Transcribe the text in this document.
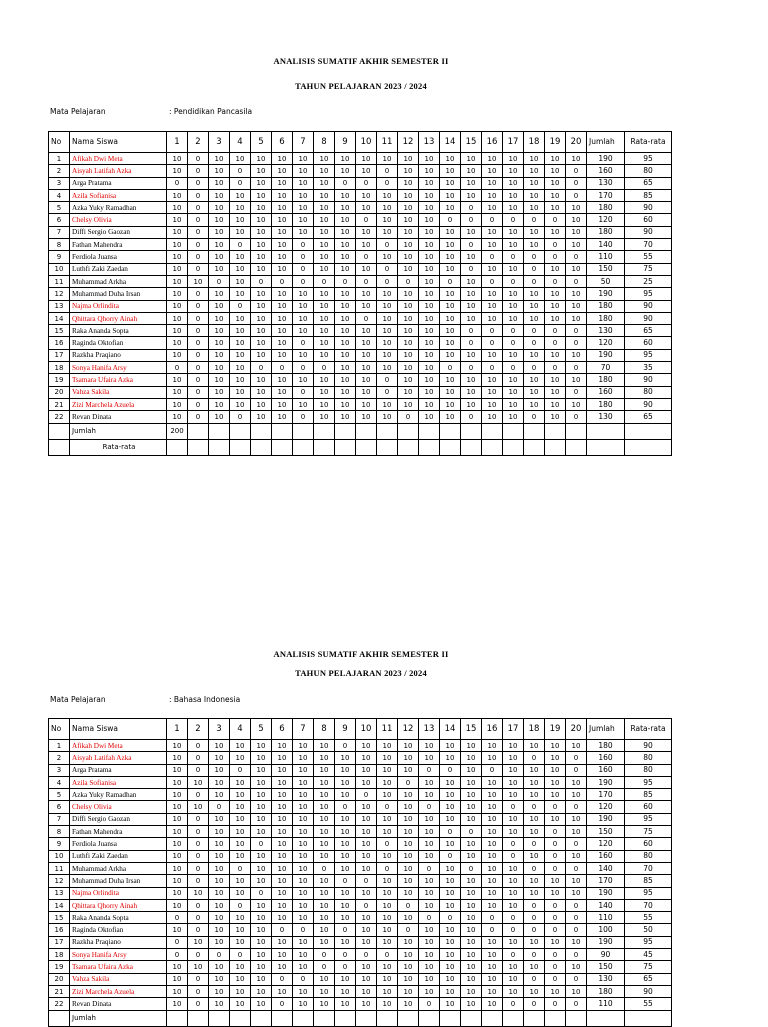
ANALISIS SUMATIF AKHIR SEMESTER II
TAHUN PELAJARAN 2023 / 2024
Mata Pelajaran	: Pendidikan Pancasila
No	Nama Siswa	1	2	3	4	5	6	7	8	9	10	11	12	13	14	15	16	17	18	19	20	Jumlah	Rata-rata
1	Afikah Dwi Meta	10	0	10	10	10	10	10	10	10	10	10	10	10	10	10	10	10	10	10	10	190	95
2	Aisyah Latifah Azka	10	0	10	0	10	10	10	10	10	10	0	10	10	10	10	10	10	10	10	0	160	80
3	Arga Pratama	0	0	10	0	10	10	10	10	0	0	0	10	10	10	10	10	10	10	10	0	130	65
4	Azila Sofianisa	10	0	10	10	10	10	10	10	10	10	10	10	10	10	10	10	10	10	10	0	170	85
5	Azka Yuky Ramadhan	10	0	10	10	10	10	10	10	10	10	10	10	10	10	0	10	10	10	10	10	180	90
6	Chelsy Olivia	10	0	10	10	10	10	10	10	10	0	10	10	10	0	0	0	0	0	0	10	120	60
7	Diffi Sergio Gaozan	10	0	10	10	10	10	10	10	10	10	10	10	10	10	10	10	10	10	10	10	180	90
8	Fathan Mahendra	10	0	10	0	10	10	0	10	10	10	0	10	10	10	0	10	10	10	0	10	140	70
9	Ferdiola Juansa	10	0	10	10	10	10	0	10	10	0	10	10	10	10	10	0	0	0	0	0	110	55
10	Luthfi Zaki Zaedan	10	0	10	10	10	10	0	10	10	10	0	10	10	10	0	10	10	0	10	10	150	75
11	Muhammad Arkha	10	10	0	10	0	0	0	0	0	0	0	0	10	0	10	0	0	0	0	0	50	25
12	Muhammad Duha Irsan	10	0	10	10	10	10	10	10	10	10	10	10	10	10	10	10	10	10	10	10	190	95
13	Najma Orlindita	10	0	10	0	10	10	10	10	10	10	10	10	10	10	10	10	10	10	10	10	180	90
14	Qhittara Qhorry Ainah	10	0	10	10	10	10	10	10	10	0	10	10	10	10	10	10	10	10	10	10	180	90
15	Raka Ananda Sopta	10	0	10	10	10	10	10	10	10	10	10	10	10	10	0	0	0	0	0	0	130	65
16	Raginda Oktofian	10	0	10	10	10	10	0	10	10	10	10	10	10	10	0	0	0	0	0	0	120	60
17	Razkha Praqiano	10	0	10	10	10	10	10	10	10	10	10	10	10	10	10	10	10	10	10	10	190	95
18	Sonya Hanifa Arsy	0	0	10	10	0	0	0	0	10	10	10	10	10	0	0	0	0	0	0	0	70	35
19	Tsamara Ufaira Azka	10	0	10	10	10	10	10	10	10	10	0	10	10	10	10	10	10	10	10	10	180	90
20	Vahza Sakila	10	0	10	10	10	10	0	10	10	10	0	10	10	10	10	10	10	10	10	0	160	80
21	Zizi Marchela Azuela	10	0	10	10	10	10	10	10	10	10	10	10	10	10	10	10	10	10	10	10	180	90
22	Revan Dinata	10	0	10	0	10	10	0	10	10	10	10	0	10	10	0	10	10	0	10	0	130	65
	Jumlah	200																					
	Rata-rata																						
ANALISIS SUMATIF AKHIR SEMESTER II
TAHUN PELAJARAN 2023 / 2024
Mata Pelajaran	: Bahasa Indonesia
No	Nama Siswa	1	2	3	4	5	6	7	8	9	10	11	12	13	14	15	16	17	18	19	20	Jumlah	Rata-rata
1	Afikah Dwi Meta	10	0	10	10	10	10	10	10	0	10	10	10	10	10	10	10	10	10	10	10	180	90
2	Aisyah Latifah Azka	10	0	10	10	10	10	10	10	10	10	10	10	10	10	10	10	10	0	10	0	160	80
3	Arga Pratama	10	0	10	0	10	10	10	10	10	10	10	10	0	0	10	0	10	10	10	0	160	80
4	Azila Sofianisa	10	10	10	10	10	10	10	10	10	10	10	0	10	10	10	10	10	10	10	10	190	95
5	Azka Yuky Ramadhan	10	0	10	10	10	10	10	10	10	0	10	10	10	10	10	10	10	10	10	10	170	85
6	Chelsy Olivia	10	10	0	10	10	10	10	10	0	10	0	10	0	10	10	10	0	0	0	0	120	60
7	Diffi Sergio Gaozan	10	0	10	10	10	10	10	10	10	10	10	10	10	10	10	10	10	10	10	10	190	95
8	Fathan Mahendra	10	0	10	10	10	10	10	10	10	10	10	10	10	0	0	10	10	10	0	10	150	75
9	Ferdiola Juansa	10	0	10	10	0	10	10	10	10	10	0	10	10	10	10	10	0	0	0	0	120	60
10	Luthfi Zaki Zaedan	10	0	10	10	10	10	10	10	10	10	10	10	10	0	10	10	0	10	0	10	160	80
11	Muhammad Arkha	10	0	10	0	10	10	10	0	10	10	0	10	0	10	0	10	10	0	0	0	140	70
12	Muhammad Duha Irsan	10	0	10	10	10	10	10	10	0	0	10	10	10	10	10	10	10	10	10	10	170	85
13	Najma Orlindita	10	10	10	10	0	10	10	10	10	10	10	10	10	10	10	10	10	10	10	10	190	95
14	Qhittara Qhorry Ainah	10	0	10	0	10	10	10	10	10	0	10	0	10	10	10	10	10	0	0	0	140	70
15	Raka Ananda Sopta	0	0	10	10	10	10	10	10	10	10	10	10	0	0	10	0	0	0	0	0	110	55
16	Raginda Oktofian	10	0	10	10	10	0	0	10	0	10	10	0	10	10	10	0	0	0	0	0	100	50
17	Razkha Praqiano	0	10	10	10	10	10	10	10	10	10	10	10	10	10	10	10	10	10	10	10	190	95
18	Sonya Hanifa Arsy	0	0	0	0	10	10	10	0	0	0	0	10	10	10	10	10	0	0	0	0	90	45
19	Tsamara Ufaira Azka	10	10	10	10	10	10	10	0	0	10	10	10	10	10	10	10	10	10	0	10	150	75
20	Vahza Sakila	10	0	10	10	10	0	0	10	10	10	10	10	10	10	10	10	10	0	0	0	130	65
21	Zizi Marchela Azuela	10	0	10	10	10	10	10	10	10	10	10	10	10	10	10	10	10	10	10	10	180	90
22	Revan Dinata	10	0	10	10	10	0	10	10	10	10	10	10	0	10	10	10	0	0	0	0	110	55
	Jumlah																						
